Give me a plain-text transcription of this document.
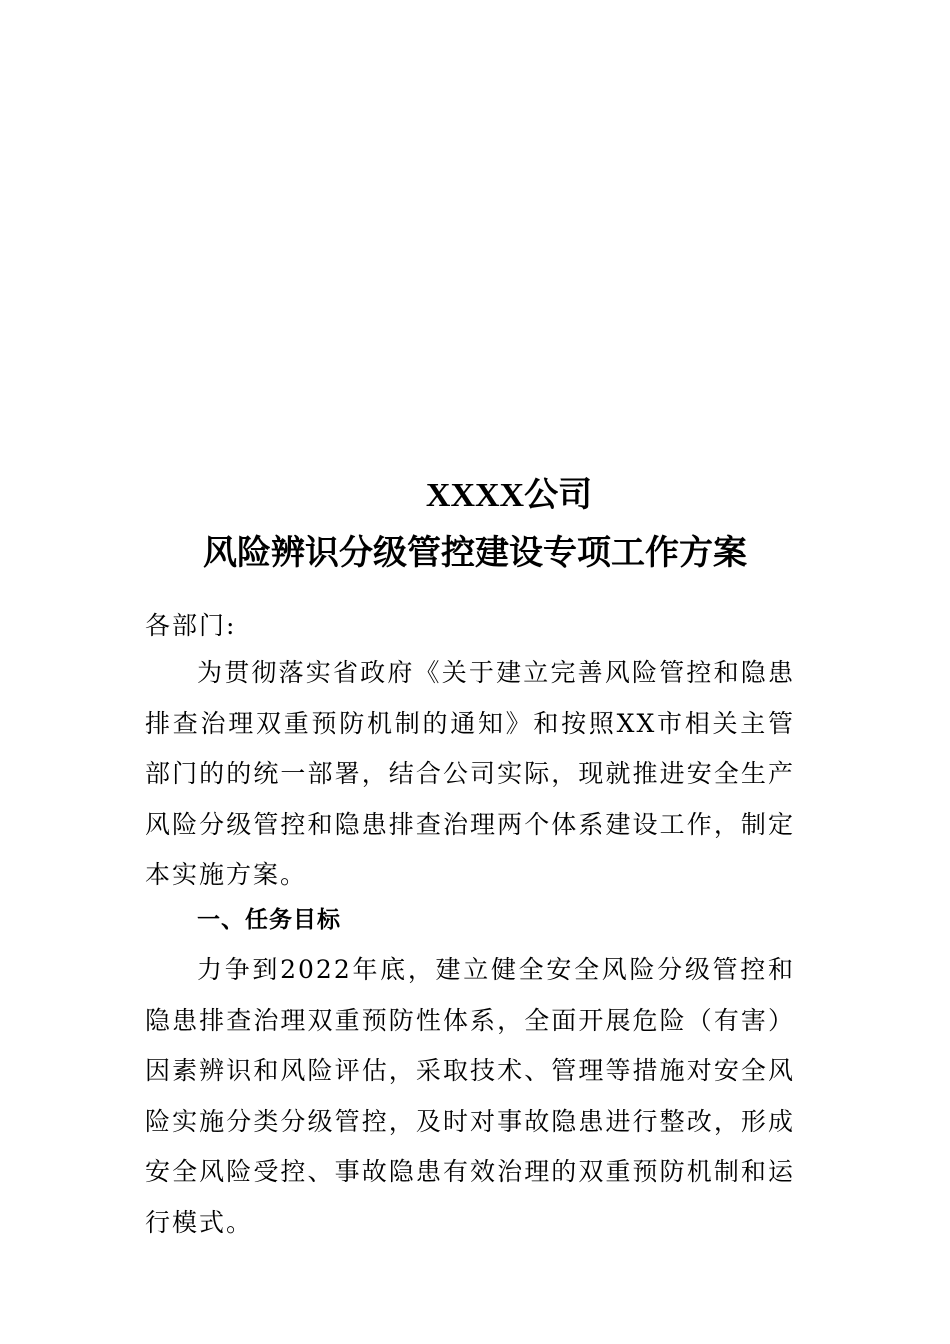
XXXX公司
风险辨识分级管控建设专项工作方案
各部门:

为贯彻落实省政府《关于建立完善风险管控和隐患排查治理双重预防机制的通知》和按照XX市相关主管部门的的统一部署，结合公司实际，现就推进安全生产风险分级管控和隐患排查治理两个体系建设工作，制定本实施方案。

一、任务目标

力争到2022年底，建立健全安全风险分级管控和隐患排查治理双重预防性体系，全面开展危险（有害）因素辨识和风险评估，采取技术、管理等措施对安全风险实施分类分级管控，及时对事故隐患进行整改，形成安全风险受控、事故隐患有效治理的双重预防机制和运行模式。
